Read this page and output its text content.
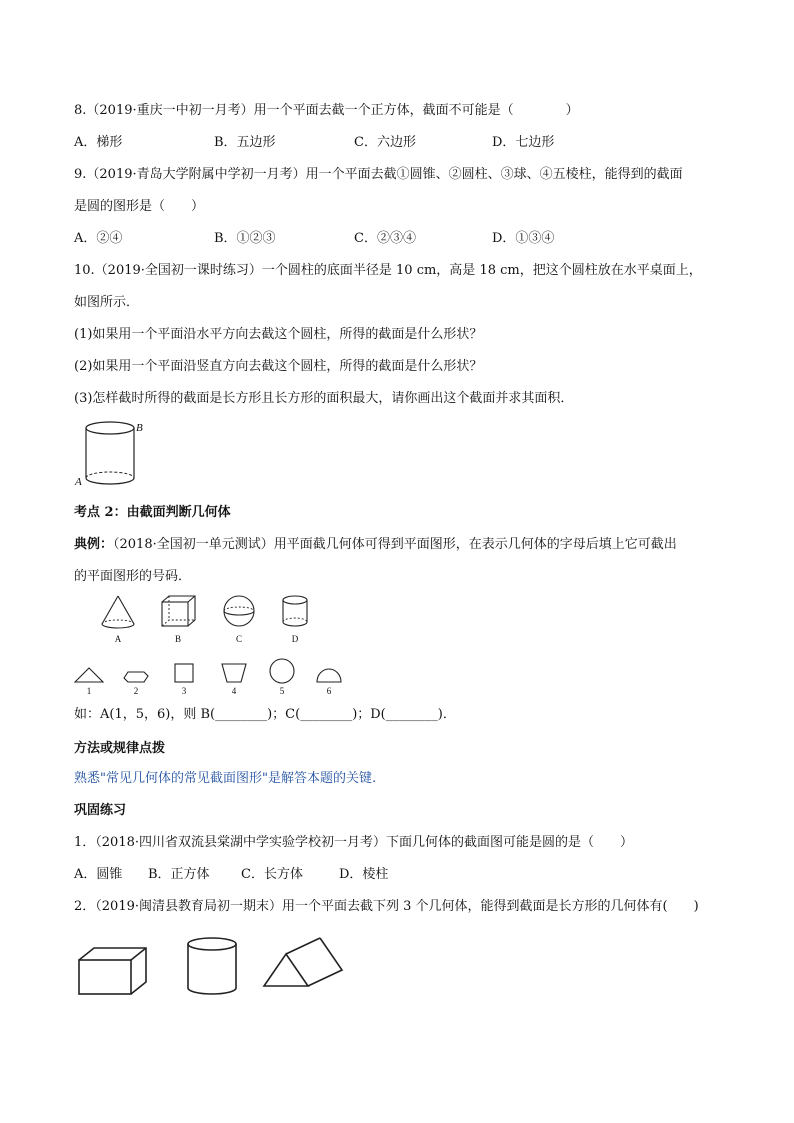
8.（2019·重庆一中初一月考）用一个平面去截一个正方体，截面不可能是（　　　　）
A．梯形	B．五边形	C．六边形	D．七边形
9.（2019·青岛大学附属中学初一月考）用一个平面去截①圆锥、②圆柱、③球、④五棱柱，能得到的截面
是圆的图形是（　　）
A．②④	B．①②③	C．②③④	D．①③④
10.（2019·全国初一课时练习）一个圆柱的底面半径是 10 cm，高是 18 cm，把这个圆柱放在水平桌面上，
如图所示．
(1)如果用一个平面沿水平方向去截这个圆柱，所得的截面是什么形状？
(2)如果用一个平面沿竖直方向去截这个圆柱，所得的截面是什么形状？
(3)怎样截时所得的截面是长方形且长方形的面积最大，请你画出这个截面并求其面积．
B
A
考点 2：由截面判断几何体
典例：（2018·全国初一单元测试）用平面截几何体可得到平面图形，在表示几何体的字母后填上它可截出
的平面图形的号码．
A	B	C	D
1	2	3	4	5	6
如：A(1，5，6)，则 B(________)；C(________)；D(________)．
方法或规律点拨
熟悉"常见几何体的常见截面图形"是解答本题的关键.
巩固练习
1．（2018·四川省双流县棠湖中学实验学校初一月考）下面几何体的截面图可能是圆的是（　　）
A．圆锥	B．正方体	C．长方体	D．棱柱
2．（2019·闽清县教育局初一期末）用一个平面去截下列 3 个几何体，能得到截面是长方形的几何体有(　　)
